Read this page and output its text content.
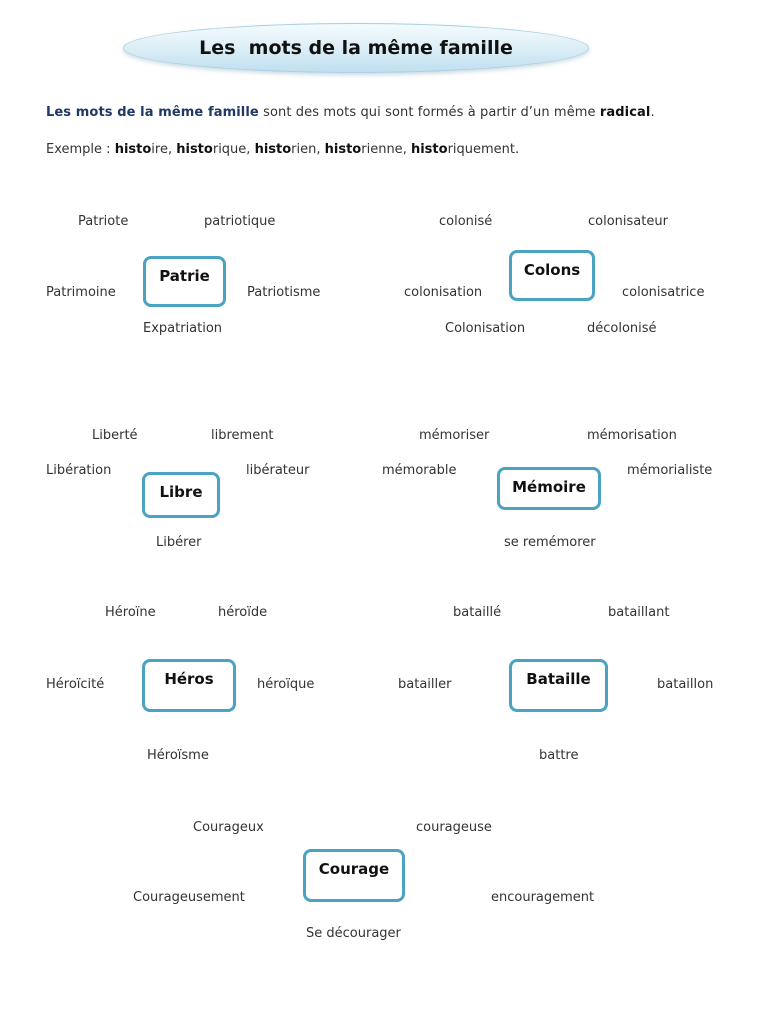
Les  mots de la même famille
Les mots de la même famille sont des mots qui sont formés à partir d’un même radical.
Exemple : histoire, historique, historien, historienne, historiquement.
Patriote	patriotique
Patrie
Patrimoine	Patriotisme
Expatriation
colonisé	colonisateur
Colons
colonisation	colonisatrice
Colonisation	décolonisé
Liberté	librement
Libération	libérateur
Libre
Libérer
mémoriser	mémorisation
mémorable	mémorialiste
Mémoire
se remémorer
Héroïne	héroïde
Héros
Héroïcité	héroïque
Héroïsme
bataillé	bataillant
Bataille
batailler	bataillon
battre
Courageux	courageuse
Courage
Courageusement	encouragement
Se décourager
